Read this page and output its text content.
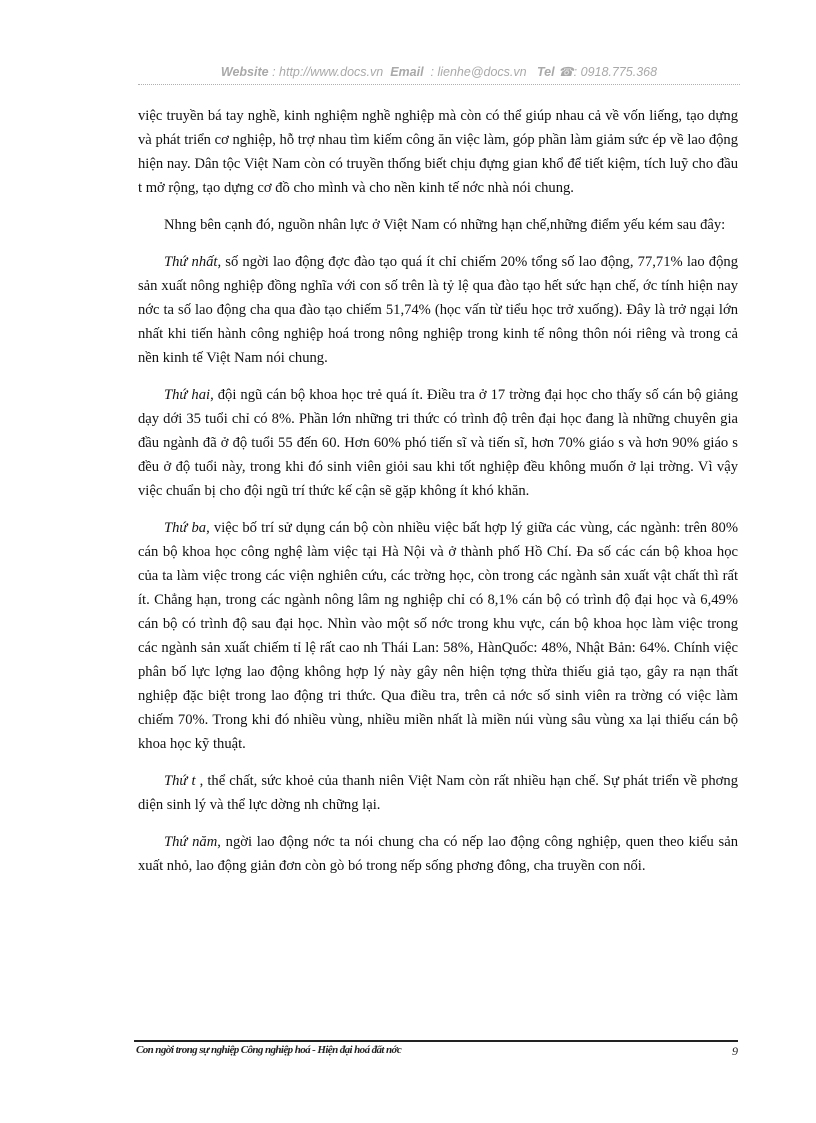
Website : http://www.docs.vn Email : lienhe@docs.vn Tel ☎: 0918.775.368

việc truyền bá tay nghề, kinh nghiệm nghề nghiệp mà còn có thể giúp nhau cả về vốn liếng, tạo dựng và phát triển cơ nghiệp, hỗ trợ nhau tìm kiếm công ăn việc làm, góp phần làm giảm sức ép về lao động hiện nay. Dân tộc Việt Nam còn có truyền thống biết chịu đựng gian khổ để tiết kiệm, tích luỹ cho đầu t mở rộng, tạo dựng cơ đồ cho mình và cho nền kinh tế nớc nhà nói chung.

Nhng bên cạnh đó, nguồn nhân lực ở Việt Nam có những hạn chế,những điểm yếu kém sau đây:

Thứ nhất, số ngời lao động đợc đào tạo quá ít chỉ chiếm 20% tổng số lao động, 77,71% lao động sản xuất nông nghiệp đồng nghĩa với con số trên là tỷ lệ qua đào tạo hết sức hạn chế, ớc tính hiện nay nớc ta số lao động cha qua đào tạo chiếm 51,74% (học vấn từ tiểu học trở xuống). Đây là trở ngại lớn nhất khi tiến hành công nghiệp hoá trong nông nghiệp trong kinh tế nông thôn nói riêng và trong cả nền kinh tế Việt Nam nói chung.

Thứ hai, đội ngũ cán bộ khoa học trẻ quá ít. Điều tra ở 17 trờng đại học cho thấy số cán bộ giảng dạy dới 35 tuổi chỉ có 8%. Phần lớn những tri thức có trình độ trên đại học đang là những chuyên gia đầu ngành đã ở độ tuổi 55 đến 60. Hơn 60% phó tiến sĩ và tiến sĩ, hơn 70% giáo s và hơn 90% giáo s đều ở độ tuổi này, trong khi đó sinh viên giỏi sau khi tốt nghiệp đều không muốn ở lại trờng. Vì vậy việc chuẩn bị cho đội ngũ trí thức kế cận sẽ gặp không ít khó khăn.

Thứ ba, việc bố trí sử dụng cán bộ còn nhiều việc bất hợp lý giữa các vùng, các ngành: trên 80% cán bộ khoa học công nghệ làm việc tại Hà Nội và ở thành phố Hồ Chí. Đa số các cán bộ khoa học của ta làm việc trong các viện nghiên cứu, các trờng học, còn trong các ngành sản xuất vật chất thì rất ít. Chẳng hạn, trong các ngành nông lâm ng nghiệp chỉ có 8,1% cán bộ có trình độ đại học và 6,49% cán bộ có trình độ sau đại học. Nhìn vào một số nớc trong khu vực, cán bộ khoa học làm việc trong các ngành sản xuất chiếm tỉ lệ rất cao nh Thái Lan: 58%, HànQuốc: 48%, Nhật Bản: 64%. Chính việc phân bố lực lợng lao động không hợp lý này gây nên hiện tợng thừa thiếu giả tạo, gây ra nạn thất nghiệp đặc biệt trong lao động tri thức. Qua điều tra, trên cả nớc số sinh viên ra trờng có việc làm chiếm 70%. Trong khi đó nhiều vùng, nhiều miền nhất là miền núi vùng sâu vùng xa lại thiếu cán bộ khoa học kỹ thuật.

Thứ t , thể chất, sức khoẻ của thanh niên Việt Nam còn rất nhiều hạn chế. Sự phát triển về phơng diện sinh lý và thể lực dờng nh chững lại.

Thứ năm, ngời lao động nớc ta nói chung cha có nếp lao động công nghiệp, quen theo kiểu sản xuất nhỏ, lao động giản đơn còn gò bó trong nếp sống phơng đông, cha truyền con nối.

Con ngời trong sự nghiệp Công nghiệp hoá - Hiện đại hoá đất nớc	9
